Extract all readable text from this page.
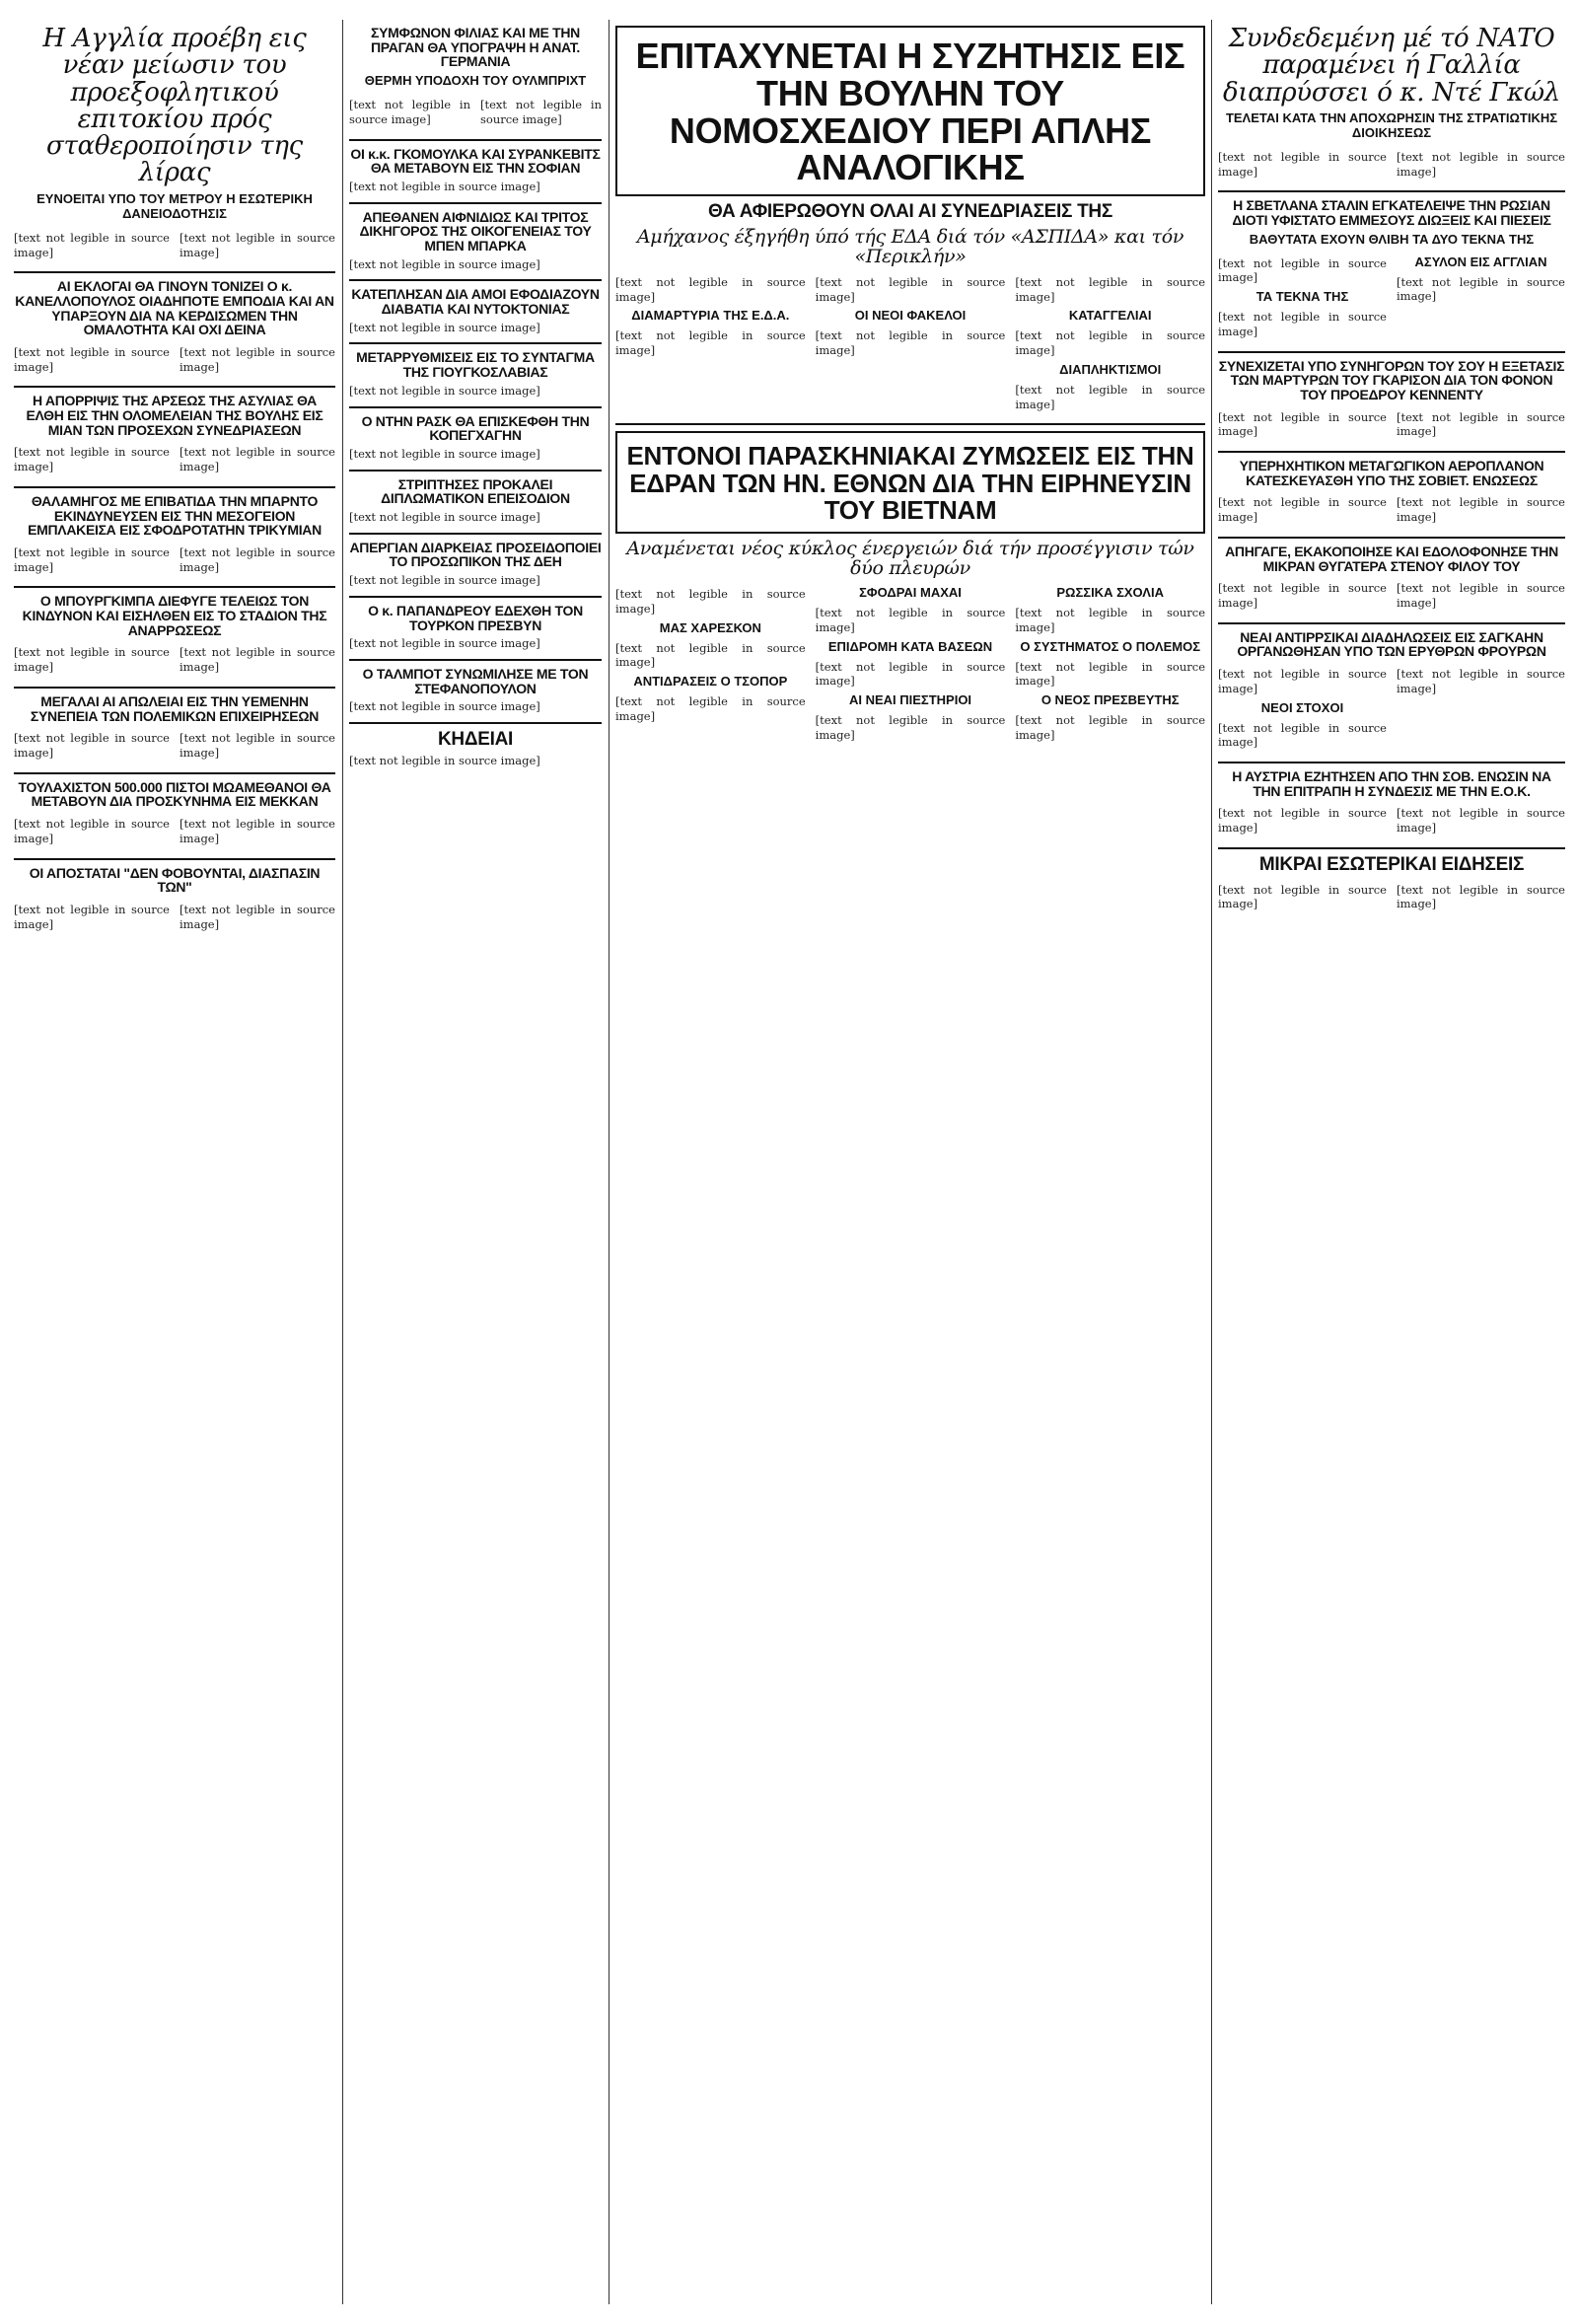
Η Αγγλία προέβη εις νέαν μείωσιν του προεξοφλητικού επιτοκίου πρός σταθεροποίησιν της λίρας
ΕΥΝΟΕΙΤΑΙ ΥΠΟ ΤΟΥ ΜΕΤΡΟΥ Η ΕΣΩΤΕΡΙΚΗ ΔΑΝΕΙΟΔΟΤΗΣΙΣ

[text not legible in source image]

[text not legible in source image]

ΑΙ ΕΚΛΟΓΑΙ ΘΑ ΓΙΝΟΥΝ ΤΟΝΙΖΕΙ Ο κ. ΚΑΝΕΛΛΟΠΟΥΛΟΣ ΟΙΑΔΗΠΟΤΕ ΕΜΠΟΔΙΑ ΚΑΙ ΑΝ ΥΠΑΡΞΟΥΝ ΔΙΑ ΝΑ ΚΕΡΔΙΣΩΜΕΝ ΤΗΝ ΟΜΑΛΟΤΗΤΑ ΚΑΙ ΟΧΙ ΔΕΙΝΑ

[text not legible in source image]

[text not legible in source image]

Η ΑΠΟΡΡΙΨΙΣ ΤΗΣ ΑΡΣΕΩΣ ΤΗΣ ΑΣΥΛΙΑΣ ΘΑ ΕΛΘΗ ΕΙΣ ΤΗΝ ΟΛΟΜΕΛΕΙΑΝ ΤΗΣ ΒΟΥΛΗΣ ΕΙΣ ΜΙΑΝ ΤΩΝ ΠΡΟΣΕΧΩΝ ΣΥΝΕΔΡΙΑΣΕΩΝ

[text not legible in source image]

[text not legible in source image]

ΘΑΛΑΜΗΓΟΣ ΜΕ ΕΠΙΒΑΤΙΔΑ ΤΗΝ ΜΠΑΡΝΤΟ ΕΚΙΝΔΥΝΕΥΣΕΝ ΕΙΣ ΤΗΝ ΜΕΣΟΓΕΙΟΝ ΕΜΠΛΑΚΕΙΣΑ ΕΙΣ ΣΦΟΔΡΟΤΑΤΗΝ ΤΡΙΚΥΜΙΑΝ

[text not legible in source image]

[text not legible in source image]

Ο ΜΠΟΥΡΓΚΙΜΠΑ ΔΙΕΦΥΓΕ ΤΕΛΕΙΩΣ ΤΟΝ ΚΙΝΔΥΝΟΝ ΚΑΙ ΕΙΣΗΛΘΕΝ ΕΙΣ ΤΟ ΣΤΑΔΙΟΝ ΤΗΣ ΑΝΑΡΡΩΣΕΩΣ

[text not legible in source image]

[text not legible in source image]

ΜΕΓΑΛΑΙ ΑΙ ΑΠΩΛΕΙΑΙ ΕΙΣ ΤΗΝ ΥΕΜΕΝΗΝ ΣΥΝΕΠΕΙΑ ΤΩΝ ΠΟΛΕΜΙΚΩΝ ΕΠΙΧΕΙΡΗΣΕΩΝ

[text not legible in source image]

[text not legible in source image]

ΤΟΥΛΑΧΙΣΤΟΝ 500.000 ΠΙΣΤΟΙ ΜΩΑΜΕΘΑΝΟΙ ΘΑ ΜΕΤΑΒΟΥΝ ΔΙΑ ΠΡΟΣΚΥΝΗΜΑ ΕΙΣ ΜΕΚΚΑΝ

[text not legible in source image]

[text not legible in source image]

ΟΙ ΑΠΟΣΤΑΤΑΙ "ΔΕΝ ΦΟΒΟΥΝΤΑΙ, ΔΙΑΣΠΑΣΙΝ ΤΩΝ"

[text not legible in source image]

[text not legible in source image]

ΣΥΜΦΩΝΟΝ ΦΙΛΙΑΣ ΚΑΙ ΜΕ ΤΗΝ ΠΡΑΓΑΝ ΘΑ ΥΠΟΓΡΑΨΗ Η ΑΝΑΤ. ΓΕΡΜΑΝΙΑ
ΘΕΡΜΗ ΥΠΟΔΟΧΗ ΤΟΥ ΟΥΛΜΠΡΙΧΤ

[text not legible in source image]

[text not legible in source image]

ΟΙ κ.κ. ΓΚΟΜΟΥΛΚΑ ΚΑΙ ΣΥΡΑΝΚΕΒΙΤΣ ΘΑ ΜΕΤΑΒΟΥΝ ΕΙΣ ΤΗΝ ΣΟΦΙΑΝ

[text not legible in source image]

ΑΠΕΘΑΝΕΝ ΑΙΦΝΙΔΙΩΣ ΚΑΙ ΤΡΙΤΟΣ ΔΙΚΗΓΟΡΟΣ ΤΗΣ ΟΙΚΟΓΕΝΕΙΑΣ ΤΟΥ ΜΠΕΝ ΜΠΑΡΚΑ

[text not legible in source image]

ΚΑΤΕΠΛΗΣΑΝ ΔΙΑ ΑΜΟΙ ΕΦΟΔΙΑΖΟΥΝ ΔΙΑΒΑΤΙΑ ΚΑΙ ΝΥΤΟΚΤΟΝΙΑΣ

[text not legible in source image]

ΜΕΤΑΡΡΥΘΜΙΣΕΙΣ ΕΙΣ ΤΟ ΣΥΝΤΑΓΜΑ ΤΗΣ ΓΙΟΥΓΚΟΣΛΑΒΙΑΣ

[text not legible in source image]

Ο ΝΤΗΝ ΡΑΣΚ ΘΑ ΕΠΙΣΚΕΦΘΗ ΤΗΝ ΚΟΠΕΓΧΑΓΗΝ

[text not legible in source image]

ΣΤΡΙΠΤΗΣΕΣ ΠΡΟΚΑΛΕΙ ΔΙΠΛΩΜΑΤΙΚΟΝ ΕΠΕΙΣΟΔΙΟΝ

[text not legible in source image]

ΑΠΕΡΓΙΑΝ ΔΙΑΡΚΕΙΑΣ ΠΡΟΣΕΙΔΟΠΟΙΕΙ ΤΟ ΠΡΟΣΩΠΙΚΟΝ ΤΗΣ ΔΕΗ

[text not legible in source image]

Ο κ. ΠΑΠΑΝΔΡΕΟΥ ΕΔΕΧΘΗ ΤΟΝ ΤΟΥΡΚΟΝ ΠΡΕΣΒΥΝ

[text not legible in source image]

Ο ΤΑΛΜΠΟΤ ΣΥΝΩΜΙΛΗΣΕ ΜΕ ΤΟΝ ΣΤΕΦΑΝΟΠΟΥΛΟΝ

[text not legible in source image]

ΚΗΔΕΙΑΙ

[text not legible in source image]

ΕΠΙΤΑΧΥΝΕΤΑΙ Η ΣΥΖΗΤΗΣΙΣ ΕΙΣ ΤΗΝ ΒΟΥΛΗΝ ΤΟΥ ΝΟΜΟΣΧΕΔΙΟΥ ΠΕΡΙ ΑΠΛΗΣ ΑΝΑΛΟΓΙΚΗΣ
ΘΑ ΑΦΙΕΡΩΘΟΥΝ ΟΛΑΙ ΑΙ ΣΥΝΕΔΡΙΑΣΕΙΣ ΤΗΣ
Αμήχανος έξηγήθη ύπό τής ΕΔΑ διά τόν «ΑΣΠΙΔΑ» και τόν «Περικλήν»

[text not legible in source image]

ΔΙΑΜΑΡΤΥΡΙΑ ΤΗΣ Ε.Δ.Α.

[text not legible in source image]

[text not legible in source image]

ΟΙ ΝΕΟΙ ΦΑΚΕΛΟΙ

[text not legible in source image]

[text not legible in source image]

ΚΑΤΑΓΓΕΛΙΑΙ

[text not legible in source image]

ΔΙΑΠΛΗΚΤΙΣΜΟΙ

[text not legible in source image]

ΕΝΤΟΝΟΙ ΠΑΡΑΣΚΗΝΙΑΚΑΙ ΖΥΜΩΣΕΙΣ ΕΙΣ ΤΗΝ ΕΔΡΑΝ ΤΩΝ ΗΝ. ΕΘΝΩΝ ΔΙΑ ΤΗΝ ΕΙΡΗΝΕΥΣΙΝ ΤΟΥ ΒΙΕΤΝΑΜ
Αναμένεται νέος κύκλος ένεργειών διά τήν προσέγγισιν τών δύο πλευρών

[text not legible in source image]

ΜΑΣ ΧΑΡΕΣΚΟΝ

[text not legible in source image]

ΑΝΤΙΔΡΑΣΕΙΣ Ο ΤΣΟΠΟΡ

[text not legible in source image]

ΣΦΟΔΡΑΙ ΜΑΧΑΙ

[text not legible in source image]

ΕΠΙΔΡΟΜΗ ΚΑΤΑ ΒΑΣΕΩΝ

[text not legible in source image]

ΑΙ ΝΕΑΙ ΠΙΕΣΤΗΡΙΟΙ

[text not legible in source image]

ΡΩΣΣΙΚΑ ΣΧΟΛΙΑ

[text not legible in source image]

Ο ΣΥΣΤΗΜΑΤΟΣ Ο ΠΟΛΕΜΟΣ

[text not legible in source image]

Ο ΝΕΟΣ ΠΡΕΣΒΕΥΤΗΣ

[text not legible in source image]

Συνδεδεμένη μέ τό ΝΑΤΟ παραμένει ή Γαλλία διαπρύσσει ό κ. Ντέ Γκώλ
ΤΕΛΕΤΑΙ ΚΑΤΑ ΤΗΝ ΑΠΟΧΩΡΗΣΙΝ ΤΗΣ ΣΤΡΑΤΙΩΤΙΚΗΣ ΔΙΟΙΚΗΣΕΩΣ

[text not legible in source image]

[text not legible in source image]

Η ΣΒΕΤΛΑΝΑ ΣΤΑΛΙΝ ΕΓΚΑΤΕΛΕΙΨΕ ΤΗΝ ΡΩΣΙΑΝ ΔΙΟΤΙ ΥΦΙΣΤΑΤΟ ΕΜΜΕΣΟΥΣ ΔΙΩΞΕΙΣ ΚΑΙ ΠΙΕΣΕΙΣ
ΒΑΘΥΤΑΤΑ ΕΧΟΥΝ ΘΛΙΒΗ ΤΑ ΔΥΟ ΤΕΚΝΑ ΤΗΣ

[text not legible in source image]

ΤΑ ΤΕΚΝΑ ΤΗΣ

[text not legible in source image]

ΑΣΥΛΟΝ ΕΙΣ ΑΓΓΛΙΑΝ

[text not legible in source image]

ΣΥΝΕΧΙΖΕΤΑΙ ΥΠΟ ΣΥΝΗΓΟΡΩΝ ΤΟΥ ΣΟΥ Η ΕΞΕΤΑΣΙΣ ΤΩΝ ΜΑΡΤΥΡΩΝ ΤΟΥ ΓΚΑΡΙΣΟΝ ΔΙΑ ΤΟΝ ΦΟΝΟΝ ΤΟΥ ΠΡΟΕΔΡΟΥ ΚΕΝΝΕΝΤΥ

[text not legible in source image]

[text not legible in source image]

ΥΠΕΡΗΧΗΤΙΚΟΝ ΜΕΤΑΓΩΓΙΚΟΝ ΑΕΡΟΠΛΑΝΟΝ ΚΑΤΕΣΚΕΥΑΣΘΗ ΥΠΟ ΤΗΣ ΣΟΒΙΕΤ. ΕΝΩΣΕΩΣ

[text not legible in source image]

[text not legible in source image]

ΑΠΗΓΑΓΕ, ΕΚΑΚΟΠΟΙΗΣΕ ΚΑΙ ΕΔΟΛΟΦΟΝΗΣΕ ΤΗΝ ΜΙΚΡΑΝ ΘΥΓΑΤΕΡΑ ΣΤΕΝΟΥ ΦΙΛΟΥ ΤΟΥ

[text not legible in source image]

[text not legible in source image]

ΝΕΑΙ ΑΝΤΙΡΡΣΙΚΑΙ ΔΙΑΔΗΛΩΣΕΙΣ ΕΙΣ ΣΑΓΚΑΗΝ ΟΡΓΑΝΩΘΗΣΑΝ ΥΠΟ ΤΩΝ ΕΡΥΘΡΩΝ ΦΡΟΥΡΩΝ

[text not legible in source image]

ΝΕΟΙ ΣΤΟΧΟΙ

[text not legible in source image]

[text not legible in source image]

Η ΑΥΣΤΡΙΑ ΕΖΗΤΗΣΕΝ ΑΠΟ ΤΗΝ ΣΟΒ. ΕΝΩΣΙΝ ΝΑ ΤΗΝ ΕΠΙΤΡΑΠΗ Η ΣΥΝΔΕΣΙΣ ΜΕ ΤΗΝ Ε.Ο.Κ.

[text not legible in source image]

[text not legible in source image]

ΜΙΚΡΑΙ ΕΣΩΤΕΡΙΚΑΙ ΕΙΔΗΣΕΙΣ

[text not legible in source image]

[text not legible in source image]
